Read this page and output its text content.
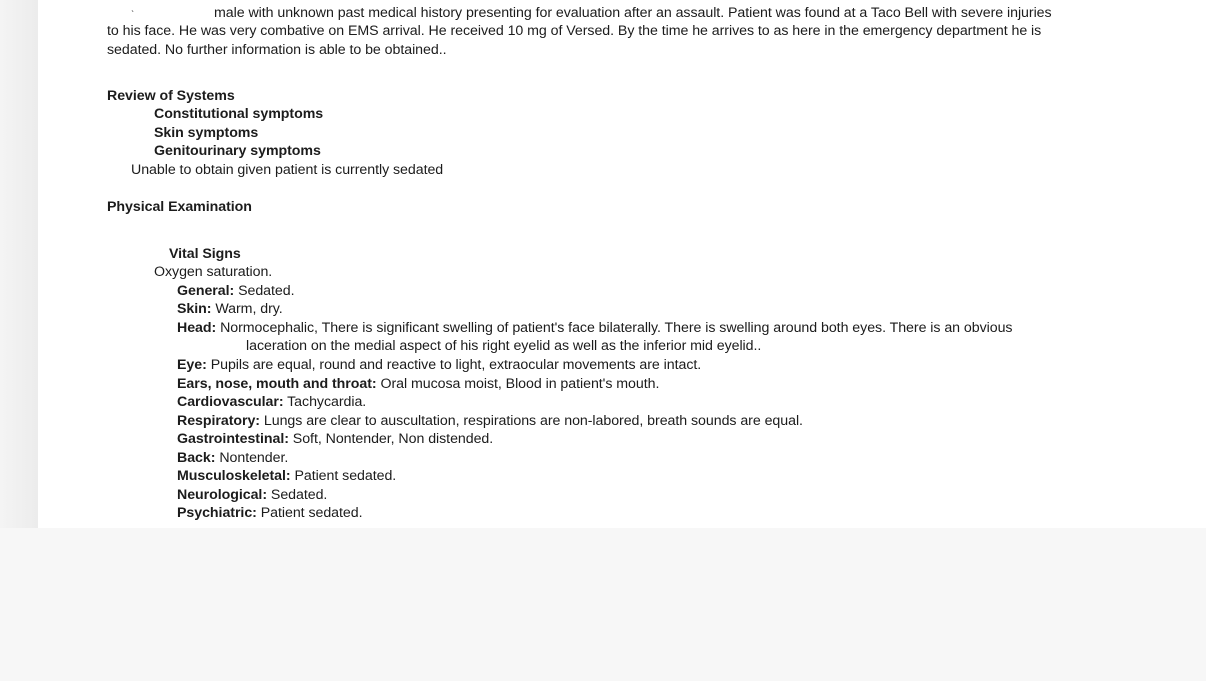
ˋ	male with unknown past medical history presenting for evaluation after an assault. Patient was found at a Taco Bell with severe injuries
to his face. He was very combative on EMS arrival. He received 10 mg of Versed. By the time he arrives to as here in the emergency department he is
sedated. No further information is able to be obtained..
Review of Systems
Constitutional symptoms
Skin symptoms
Genitourinary symptoms
Unable to obtain given patient is currently sedated
Physical Examination
Vital Signs
Oxygen saturation.
General: Sedated.
Skin: Warm, dry.
Head: Normocephalic, There is significant swelling of patient's face bilaterally. There is swelling around both eyes. There is an obvious
laceration on the medial aspect of his right eyelid as well as the inferior mid eyelid..
Eye: Pupils are equal, round and reactive to light, extraocular movements are intact.
Ears, nose, mouth and throat: Oral mucosa moist, Blood in patient's mouth.
Cardiovascular: Tachycardia.
Respiratory: Lungs are clear to auscultation, respirations are non-labored, breath sounds are equal.
Gastrointestinal: Soft, Nontender, Non distended.
Back: Nontender.
Musculoskeletal: Patient sedated.
Neurological: Sedated.
Psychiatric: Patient sedated.
